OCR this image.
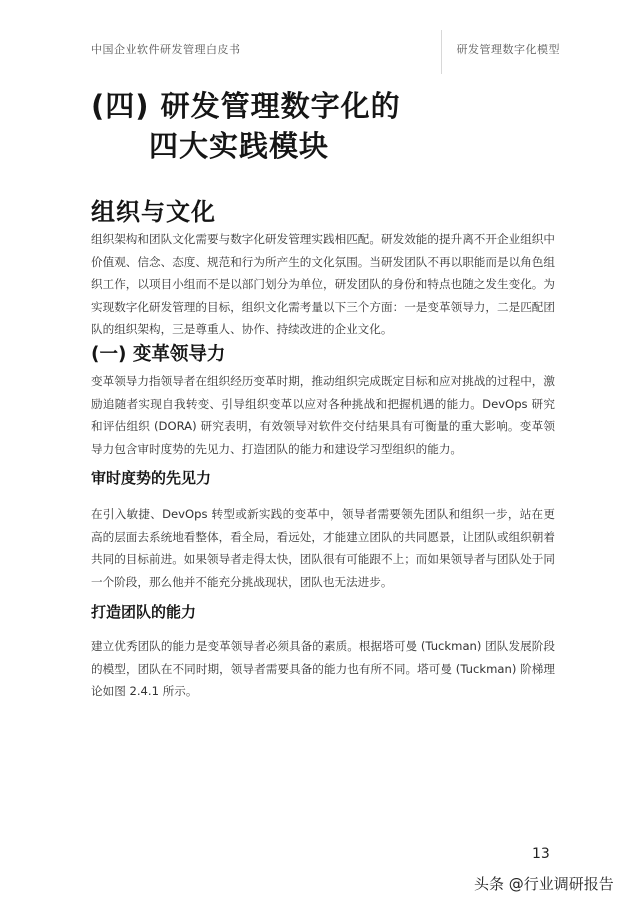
中国企业软件研发管理白皮书	研发管理数字化模型
(四) 研发管理数字化的
四大实践模块
组织与文化

组织架构和团队文化需要与数字化研发管理实践相匹配。研发效能的提升离不开企业组织中价值观、信念、态度、规范和行为所产生的文化氛围。当研发团队不再以职能而是以角色组织工作，以项目小组而不是以部门划分为单位，研发团队的身份和特点也随之发生变化。为实现数字化研发管理的目标，组织文化需考量以下三个方面：一是变革领导力，二是匹配团队的组织架构，三是尊重人、协作、持续改进的企业文化。

(一) 变革领导力

变革领导力指领导者在组织经历变革时期，推动组织完成既定目标和应对挑战的过程中，激励追随者实现自我转变、引导组织变革以应对各种挑战和把握机遇的能力。DevOps 研究和评估组织 (DORA) 研究表明，有效领导对软件交付结果具有可衡量的重大影响。变革领导力包含审时度势的先见力、打造团队的能力和建设学习型组织的能力。

审时度势的先见力

在引入敏捷、DevOps 转型或新实践的变革中，领导者需要领先团队和组织一步，站在更高的层面去系统地看整体，看全局，看远处，才能建立团队的共同愿景，让团队或组织朝着共同的目标前进。如果领导者走得太快，团队很有可能跟不上；而如果领导者与团队处于同一个阶段，那么他并不能充分挑战现状，团队也无法进步。

打造团队的能力

建立优秀团队的能力是变革领导者必须具备的素质。根据塔可曼 (Tuckman) 团队发展阶段的模型，团队在不同时期，领导者需要具备的能力也有所不同。塔可曼 (Tuckman) 阶梯理论如图 2.4.1 所示。

13
头条 @行业调研报告
